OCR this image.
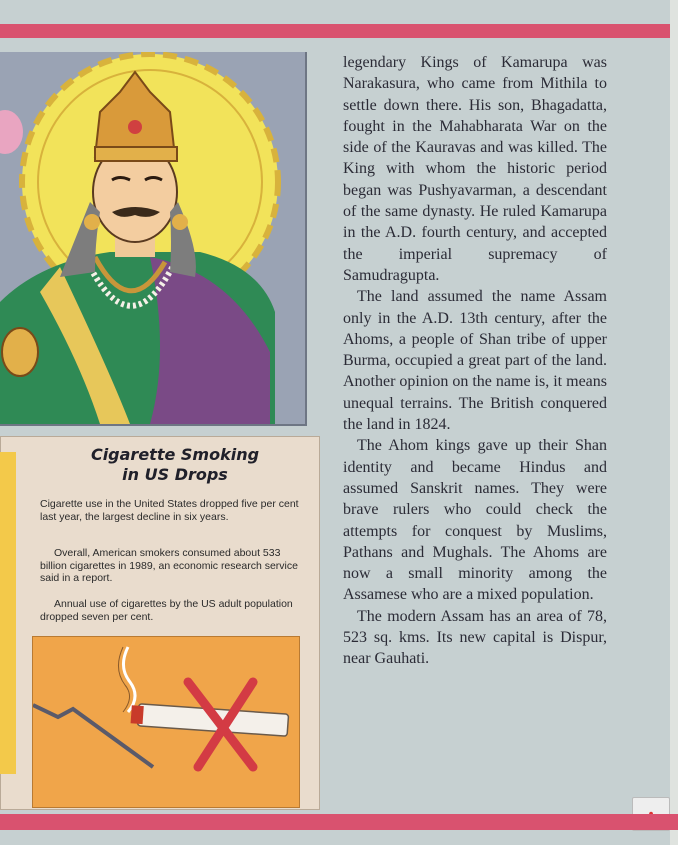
Cigarette Smoking
in US Drops
Cigarette use in the United States dropped five per cent last year, the largest decline in six years.
Overall, American smokers consumed about 533 billion cigarettes in 1989, an economic research service said in a report.
Annual use of cigarettes by the US adult population dropped seven per cent.

legendary Kings of Kamarupa was Narakasura, who came from Mithila to settle down there. His son, Bhagadatta, fought in the Mahabharata War on the side of the Kauravas and was killed. The King with whom the historic period began was Pushyavarman, a descendant of the same dynasty. He ruled Kamarupa in the A.D. fourth century, and accepted the imperial supremacy of Samudragupta.

The land assumed the name Assam only in the A.D. 13th century, after the Ahoms, a people of Shan tribe of upper Burma, occupied a great part of the land. Another opinion on the name is, it means unequal terrains. The British conquered the land in 1824.

The Ahom kings gave up their Shan identity and became Hindus and assumed Sanskrit names. They were brave rulers who could check the attempts for conquest by Muslims, Pathans and Mughals. The Ahoms are now a small minority among the Assamese who are a mixed population.

The modern Assam has an area of 78, 523 sq. kms. Its new capital is Dispur, near Gauhati.
